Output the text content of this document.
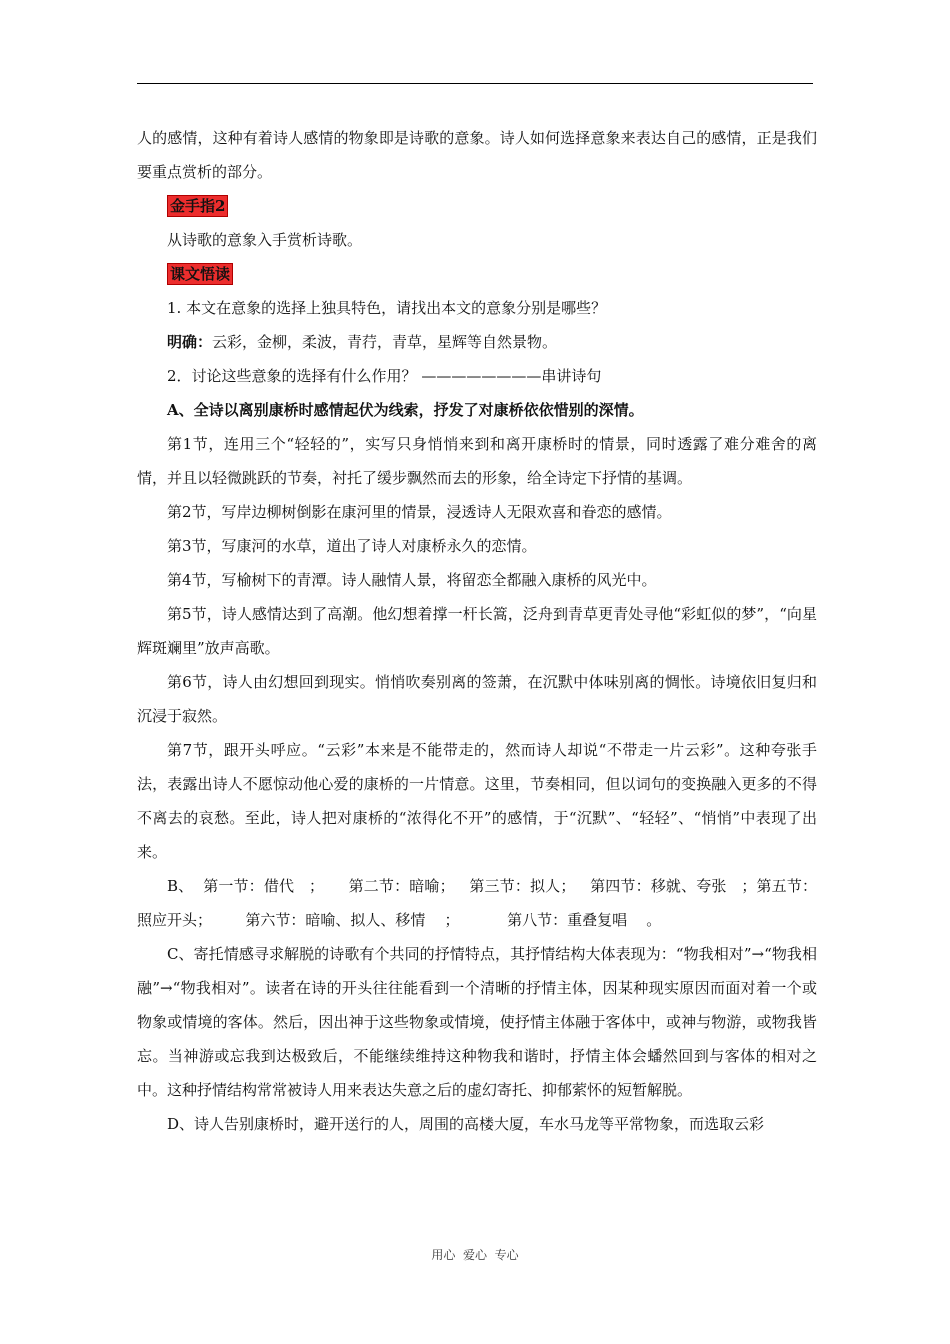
人的感情，这种有着诗人感情的物象即是诗歌的意象。诗人如何选择意象来表达自己的感情，正是我们要重点赏析的部分。

金手指2

从诗歌的意象入手赏析诗歌。

课文悟读

1. 本文在意象的选择上独具特色，请找出本文的意象分别是哪些？

明确：云彩，金柳，柔波，青荇，青草，星辉等自然景物。

2．讨论这些意象的选择有什么作用？ ————————串讲诗句

A、全诗以离别康桥时感情起伏为线索，抒发了对康桥依依惜别的深情。

第1节，连用三个“轻轻的”，实写只身悄悄来到和离开康桥时的情景，同时透露了难分难舍的离情，并且以轻微跳跃的节奏，衬托了缓步飘然而去的形象，给全诗定下抒情的基调。

第2节，写岸边柳树倒影在康河里的情景，浸透诗人无限欢喜和眷恋的感情。

第3节，写康河的水草，道出了诗人对康桥永久的恋情。

第4节，写榆树下的青潭。诗人融情人景，将留恋全都融入康桥的风光中。

第5节，诗人感情达到了高潮。他幻想着撑一杆长篙，泛舟到青草更青处寻他“彩虹似的梦”，“向星辉斑斓里”放声高歌。

第6节，诗人由幻想回到现实。悄悄吹奏别离的签萧，在沉默中体味别离的惆怅。诗境依旧复归和沉浸于寂然。

第7节，跟开头呼应。“云彩”本来是不能带走的，然而诗人却说“不带走一片云彩”。这种夸张手法，表露出诗人不愿惊动他心爱的康桥的一片情意。这里，节奏相同，但以词句的变换融入更多的不得不离去的哀愁。至此，诗人把对康桥的“浓得化不开”的感情，于“沉默”、“轻轻”、“悄悄”中表现了出来。

B、  第一节：借代   ；     第二节：暗喻；   第三节：拟人；   第四节：移就、夸张   ；第五节：照应开头；       第六节：暗喻、拟人、移情    ；          第八节：重叠复唱    。

C、寄托情感寻求解脱的诗歌有个共同的抒情特点，其抒情结构大体表现为：“物我相对”→“物我相融”→“物我相对”。读者在诗的开头往往能看到一个清晰的抒情主体，因某种现实原因而面对着一个或物象或情境的客体。然后，因出神于这些物象或情境，使抒情主体融于客体中，或神与物游，或物我皆忘。当神游或忘我到达极致后，不能继续维持这种物我和谐时，抒情主体会蟠然回到与客体的相对之中。这种抒情结构常常被诗人用来表达失意之后的虚幻寄托、抑郁萦怀的短暂解脱。

D、诗人告别康桥时，避开送行的人，周围的高楼大厦，车水马龙等平常物象，而选取云彩

用心  爱心  专心
